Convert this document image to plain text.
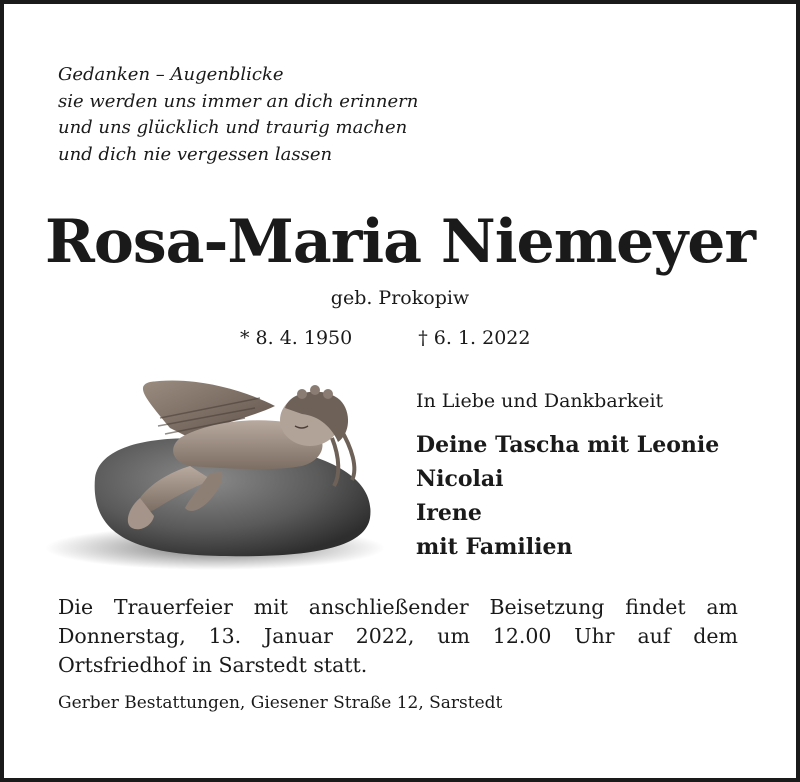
Gedanken – Augenblicke
sie werden uns immer an dich erinnern
und uns glücklich und traurig machen
und dich nie vergessen lassen
Rosa-Maria Niemeyer
geb. Prokopiw
* 8. 4. 1950	† 6. 1. 2022
In Liebe und Dankbarkeit
Deine Tascha mit Leonie
Nicolai
Irene
mit Familien
Die Trauerfeier mit anschließender Beisetzung findet am Donnerstag, 13. Januar 2022, um 12.00 Uhr auf dem Ortsfriedhof in Sarstedt statt.
Gerber Bestattungen, Giesener Straße 12, Sarstedt
